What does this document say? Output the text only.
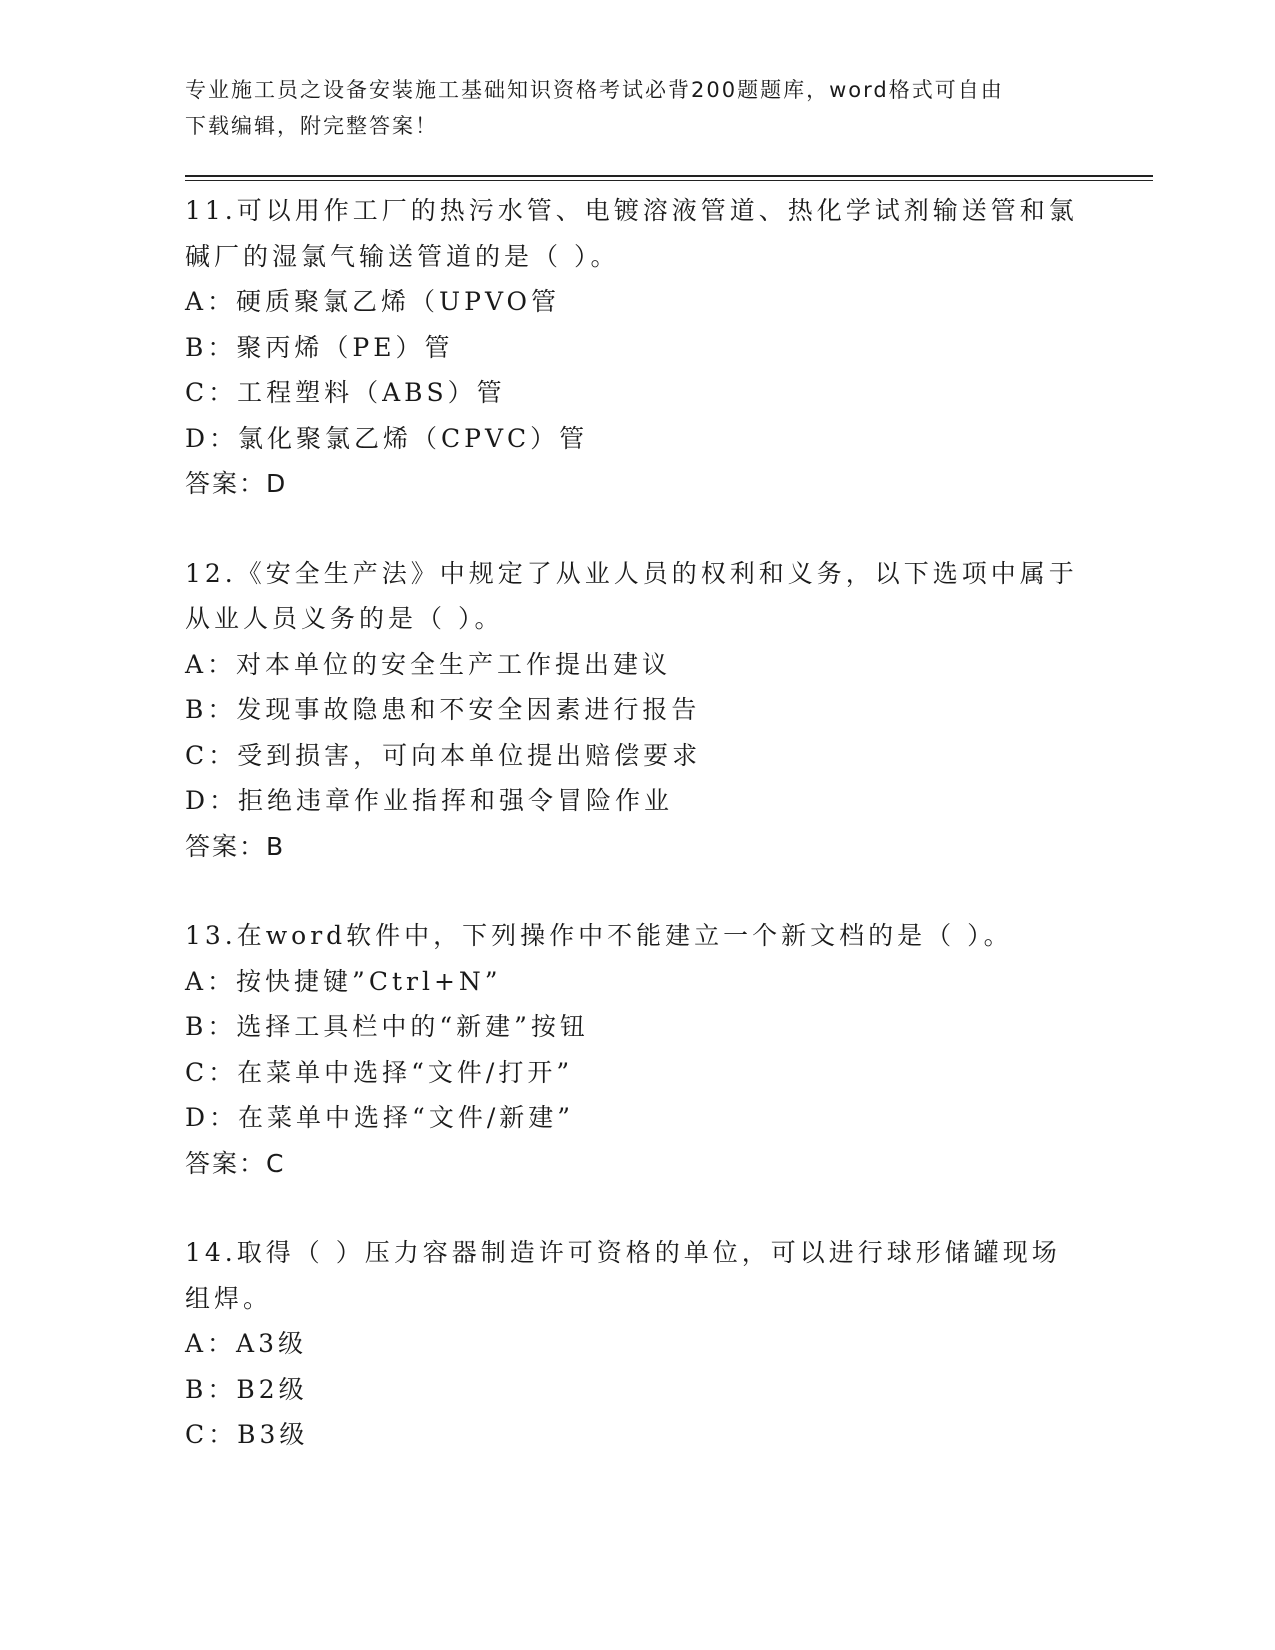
专业施工员之设备安装施工基础知识资格考试必背200题题库，word格式可自由
下载编辑，附完整答案！
11.可以用作工厂的热污水管、电镀溶液管道、热化学试剂输送管和氯
碱厂的湿氯气输送管道的是（ ）。
A：硬质聚氯乙烯（UPVO管
B：聚丙烯（PE）管
C：工程塑料（ABS）管
D：氯化聚氯乙烯（CPVC）管
答案：D
12.《安全生产法》中规定了从业人员的权利和义务，以下选项中属于
从业人员义务的是（ ）。
A：对本单位的安全生产工作提出建议
B：发现事故隐患和不安全因素进行报告
C：受到损害，可向本单位提出赔偿要求
D：拒绝违章作业指挥和强令冒险作业
答案：B
13.在word软件中，下列操作中不能建立一个新文档的是（ ）。
A：按快捷键”Ctrl+N”
B：选择工具栏中的“新建”按钮
C：在菜单中选择“文件/打开”
D：在菜单中选择“文件/新建”
答案：C
14.取得（ ）压力容器制造许可资格的单位，可以进行球形储罐现场
组焊。
A：A3级
B：B2级
C：B3级
